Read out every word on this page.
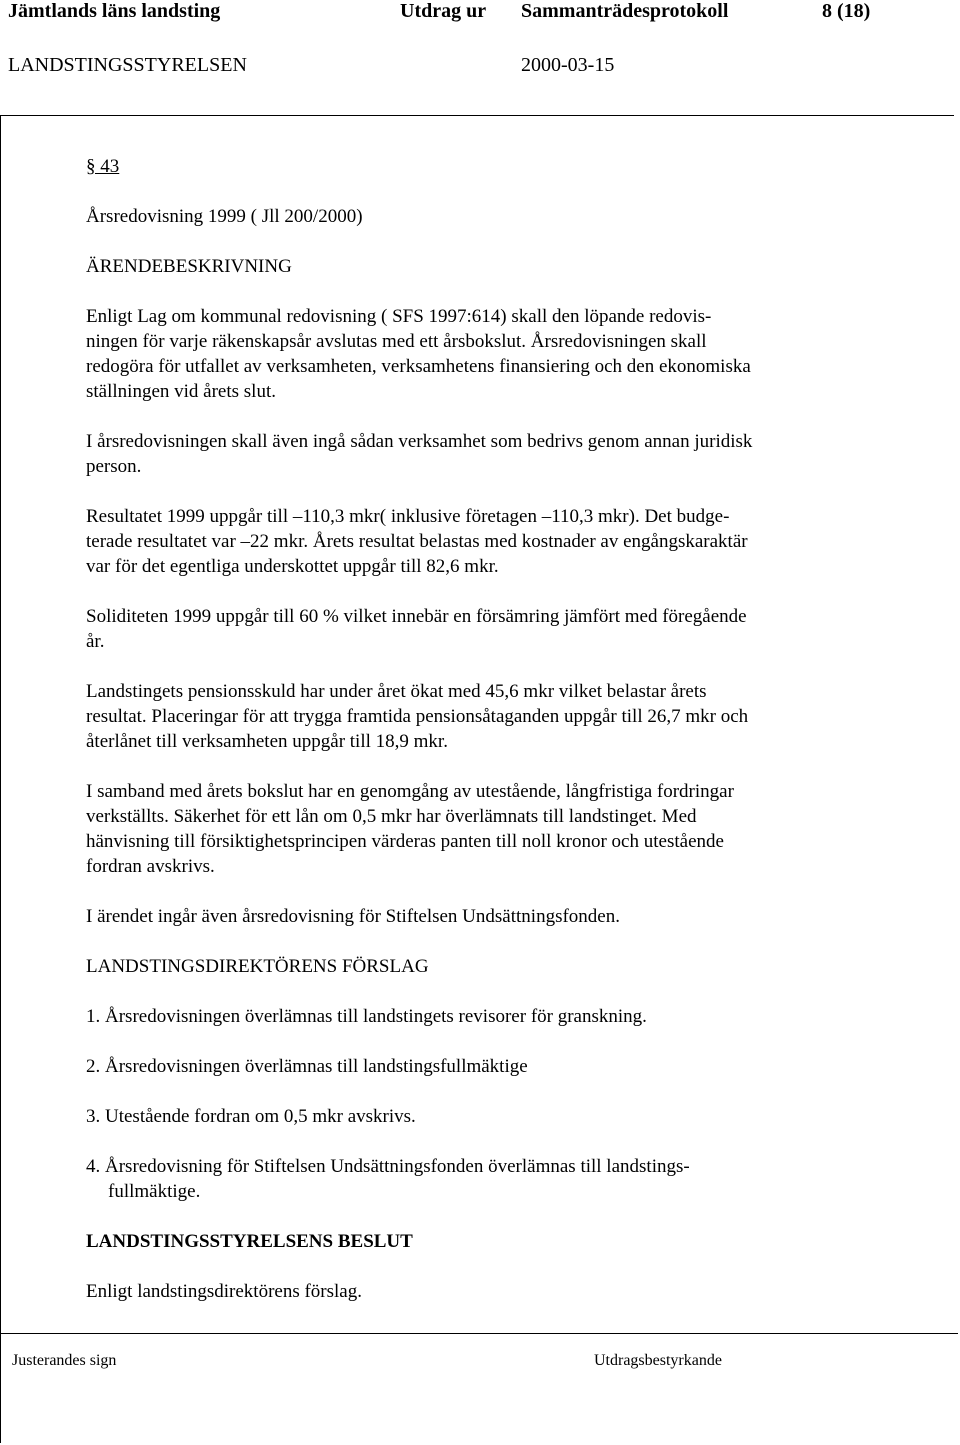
Jämtlands läns landsting	Utdrag ur Sammanträdesprotokoll	8 (18)
LANDSTINGSSTYRELSEN	2000-03-15

§ 43

Årsredovisning 1999 ( Jll 200/2000)

ÄRENDEBESKRIVNING

Enligt Lag om kommunal redovisning ( SFS 1997:614) skall den löpande redovis-

ningen för varje räkenskapsår avslutas med ett årsbokslut. Årsredovisningen skall

redogöra för utfallet av verksamheten, verksamhetens finansiering och den ekonomiska

ställningen vid årets slut.

I årsredovisningen skall även ingå sådan verksamhet som bedrivs genom annan juridisk

person.

Resultatet 1999 uppgår till –110,3 mkr( inklusive företagen –110,3 mkr). Det budge-

terade resultatet var –22 mkr. Årets resultat belastas med kostnader av engångskaraktär

var för det egentliga underskottet uppgår till 82,6 mkr.

Soliditeten 1999 uppgår till 60 % vilket innebär en försämring jämfört med föregående

år.

Landstingets pensionsskuld har under året ökat med 45,6 mkr vilket belastar årets

resultat. Placeringar för att trygga framtida pensionsåtaganden uppgår till 26,7 mkr och

återlånet till verksamheten uppgår till 18,9 mkr.

I samband med årets bokslut har en genomgång av utestående, långfristiga fordringar

verkställts. Säkerhet för ett lån om 0,5 mkr har överlämnats till landstinget. Med

hänvisning till försiktighetsprincipen värderas panten till noll kronor och utestående

fordran avskrivs.

I ärendet ingår även årsredovisning för Stiftelsen Undsättningsfonden.

LANDSTINGSDIREKTÖRENS FÖRSLAG

1. Årsredovisningen överlämnas till landstingets revisorer för granskning.

2. Årsredovisningen överlämnas till landstingsfullmäktige

3. Utestående fordran om 0,5 mkr avskrivs.

4. Årsredovisning för Stiftelsen Undsättningsfonden överlämnas till landstings-

fullmäktige.

LANDSTINGSSTYRELSENS BESLUT

Enligt landstingsdirektörens förslag.

Justerandes sign	Utdragsbestyrkande
